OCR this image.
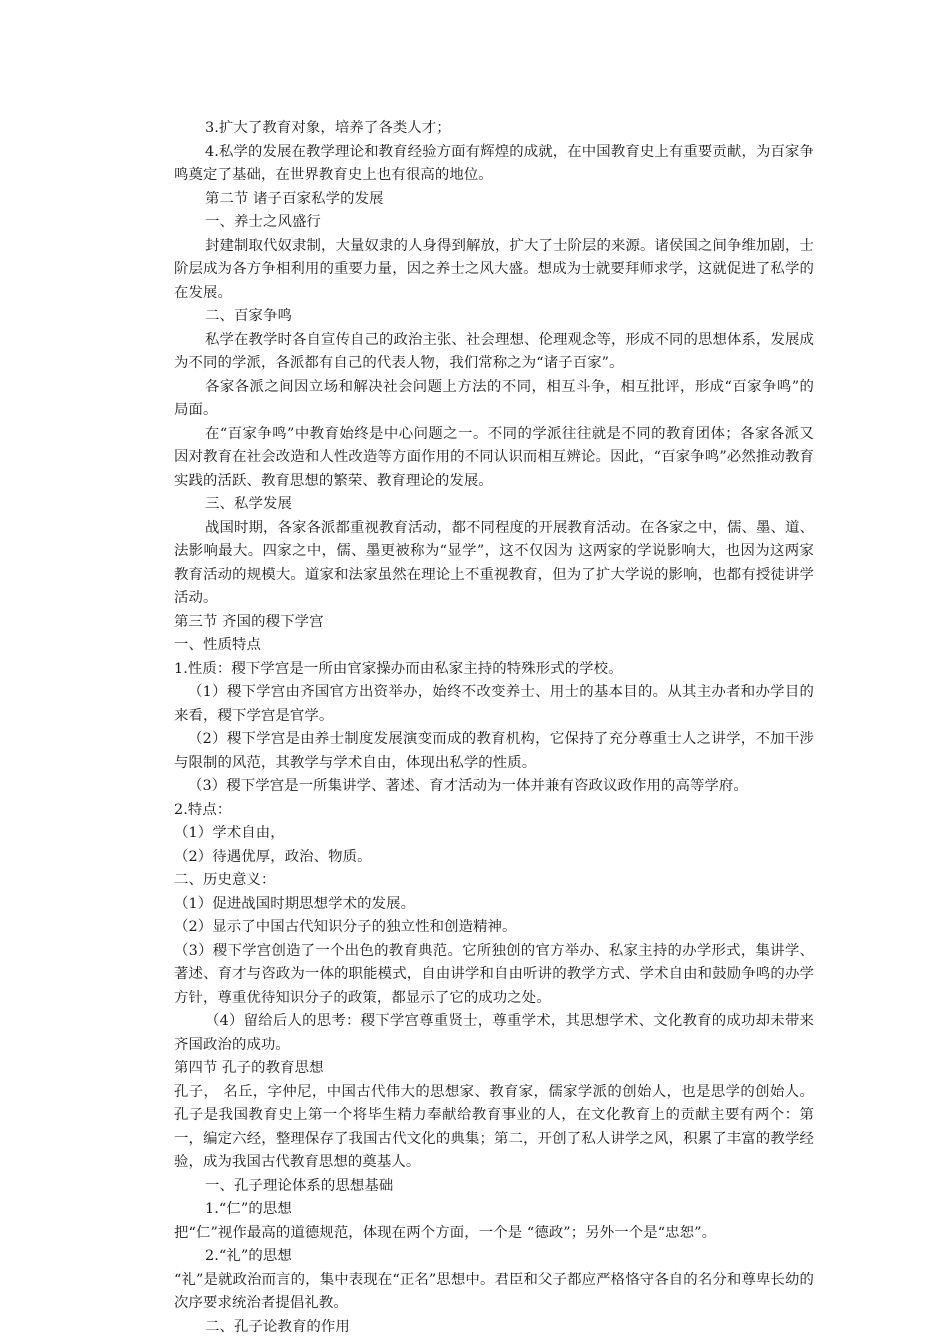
3.扩大了教育对象，培养了各类人才；

4.私学的发展在教学理论和教育经验方面有辉煌的成就，在中国教育史上有重要贡献，为百家争鸣奠定了基础，在世界教育史上也有很高的地位。

第二节 诸子百家私学的发展

一、养士之风盛行

封建制取代奴隶制，大量奴隶的人身得到解放，扩大了士阶层的来源。诸侯国之间争维加剧，士阶层成为各方争相利用的重要力量，因之养士之风大盛。想成为士就要拜师求学，这就促进了私学的在发展。

二、百家争鸣

私学在教学时各自宣传自己的政治主张、社会理想、伦理观念等，形成不同的思想体系，发展成为不同的学派，各派都有自己的代表人物，我们常称之为“诸子百家”。

各家各派之间因立场和解决社会问题上方法的不同，相互斗争，相互批评，形成“百家争鸣”的局面。

在“百家争鸣”中教育始终是中心问题之一。不同的学派往往就是不同的教育团体；各家各派又因对教育在社会改造和人性改造等方面作用的不同认识而相互辨论。因此，“百家争鸣”必然推动教育实践的活跃、教育思想的繁荣、教育理论的发展。

三、私学发展

战国时期，各家各派都重视教育活动，都不同程度的开展教育活动。在各家之中，儒、墨、道、法影响最大。四家之中，儒、墨更被称为“显学”，这不仅因为 这两家的学说影响大，也因为这两家教育活动的规模大。道家和法家虽然在理论上不重视教育，但为了扩大学说的影响，也都有授徒讲学活动。

第三节 齐国的稷下学宫

一、性质特点

1.性质：稷下学宫是一所由官家操办而由私家主持的特殊形式的学校。

（1）稷下学宫由齐国官方出资举办，始终不改变养士、用士的基本目的。从其主办者和办学目的来看，稷下学宫是官学。

（2）稷下学宫是由养士制度发展演变而成的教育机构，它保持了充分尊重士人之讲学，不加干涉与限制的风范，其教学与学术自由，体现出私学的性质。

（3）稷下学宫是一所集讲学、著述、育才活动为一体并兼有咨政议政作用的高等学府。

2.特点：

（1）学术自由，

（2）待遇优厚，政治、物质。

二、历史意义：

（1）促进战国时期思想学术的发展。

（2）显示了中国古代知识分子的独立性和创造精神。

（3）稷下学宫创造了一个出色的教育典范。它所独创的官方举办、私家主持的办学形式，集讲学、著述、育才与咨政为一体的职能模式，自由讲学和自由听讲的教学方式、学术自由和鼓励争鸣的办学方针，尊重优待知识分子的政策，都显示了它的成功之处。

（4）留给后人的思考：稷下学宫尊重贤士，尊重学术，其思想学术、文化教育的成功却未带来齐国政治的成功。

第四节 孔子的教育思想

孔子， 名丘，字仲尼，中国古代伟大的思想家、教育家，儒家学派的创始人，也是思学的创始人。孔子是我国教育史上第一个将毕生精力奉献给教育事业的人，在文化教育上的贡献主要有两个：第一，编定六经，整理保存了我国古代文化的典集；第二，开创了私人讲学之风，积累了丰富的教学经验，成为我国古代教育思想的奠基人。

一、孔子理论体系的思想基础

1.“仁”的思想

把“仁”视作最高的道德规范，体现在两个方面，一个是 “德政”；另外一个是“忠恕”。

2.“礼”的思想

“礼”是就政治而言的，集中表现在“正名”思想中。君臣和父子都应严格恪守各自的名分和尊卑长幼的次序要求统治者提倡礼教。

二、孔子论教育的作用
